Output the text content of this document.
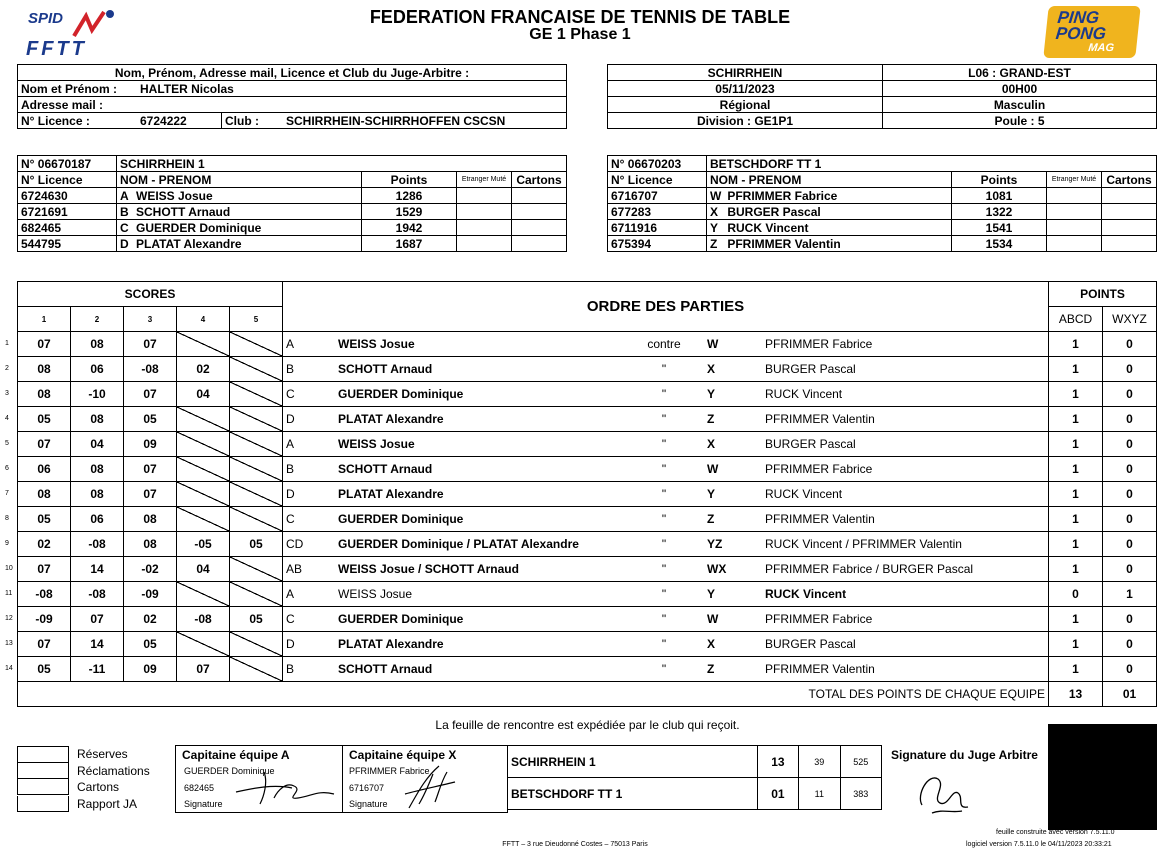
SPID
FFTT
FEDERATION FRANCAISE DE TENNIS DE TABLE
GE 1 Phase 1
PING
PONG
MAG
Nom, Prénom, Adresse mail, Licence et Club du Juge-Arbitre :			
Nom et Prénom :	HALTER Nicolas		
Adresse mail :			
N° Licence :	6724222	Club :	SCHIRRHEIN-SCHIRRHOFFEN CSCSN
SCHIRRHEIN	L06 : GRAND-EST
05/11/2023	00H00
Régional	Masculin
Division : GE1P1	Poule : 5
N° 06670187	SCHIRRHEIN 1				
N° Licence	NOM - PRENOM		Points	Etranger Muté	Cartons
6724630	A	WEISS Josue	1286		
6721691	B	SCHOTT Arnaud	1529		
682465	C	GUERDER Dominique	1942		
544795	D	PLATAT Alexandre	1687		
N° 06670203	BETSCHDORF TT 1				
N° Licence	NOM - PRENOM		Points	Etranger Muté	Cartons
6716707	W	PFRIMMER Fabrice	1081		
677283	X	BURGER Pascal	1322		
6711916	Y	RUCK Vincent	1541		
675394	Z	PFRIMMER Valentin	1534		
SCORES					ORDRE DES PARTIES					POINTS	
1	2	3	4	5						ABCD	WXYZ
07	08	07			A	WEISS Josue	contre	W	PFRIMMER Fabrice	1	0
08	06	-08	02		B	SCHOTT Arnaud	"	X	BURGER Pascal	1	0
08	-10	07	04		C	GUERDER Dominique	"	Y	RUCK Vincent	1	0
05	08	05			D	PLATAT Alexandre	"	Z	PFRIMMER Valentin	1	0
07	04	09			A	WEISS Josue	"	X	BURGER Pascal	1	0
06	08	07			B	SCHOTT Arnaud	"	W	PFRIMMER Fabrice	1	0
08	08	07			D	PLATAT Alexandre	"	Y	RUCK Vincent	1	0
05	06	08			C	GUERDER Dominique	"	Z	PFRIMMER Valentin	1	0
02	-08	08	-05	05	CD	GUERDER Dominique / PLATAT Alexandre	"	YZ	RUCK Vincent / PFRIMMER Valentin	1	0
07	14	-02	04		AB	WEISS Josue / SCHOTT Arnaud	"	WX	PFRIMMER Fabrice / BURGER Pascal	1	0
-08	-08	-09			A	WEISS Josue	"	Y	RUCK Vincent	0	1
-09	07	02	-08	05	C	GUERDER Dominique	"	W	PFRIMMER Fabrice	1	0
07	14	05			D	PLATAT Alexandre	"	X	BURGER Pascal	1	0
05	-11	09	07		B	SCHOTT Arnaud	"	Z	PFRIMMER Valentin	1	0
TOTAL DES POINTS DE CHAQUE EQUIPE										13	01
1
2
3
4
5
6
7
8
9
10
11
12
13
14
La feuille de rencontre est expédiée par le club qui reçoit.
Réserves
Réclamations
Cartons
Rapport JA
Capitaine équipe A
GUERDER Dominique
682465
Signature
Capitaine équipe X
PFRIMMER Fabrice
6716707
Signature
SCHIRRHEIN 1	13	39	525
BETSCHDORF TT 1	01	11	383
Signature du Juge Arbitre
feuille construite avec version 7.5.11.0
logiciel version 7.5.11.0 le 04/11/2023 20:33:21
FFTT – 3 rue Dieudonné Costes – 75013 Paris
